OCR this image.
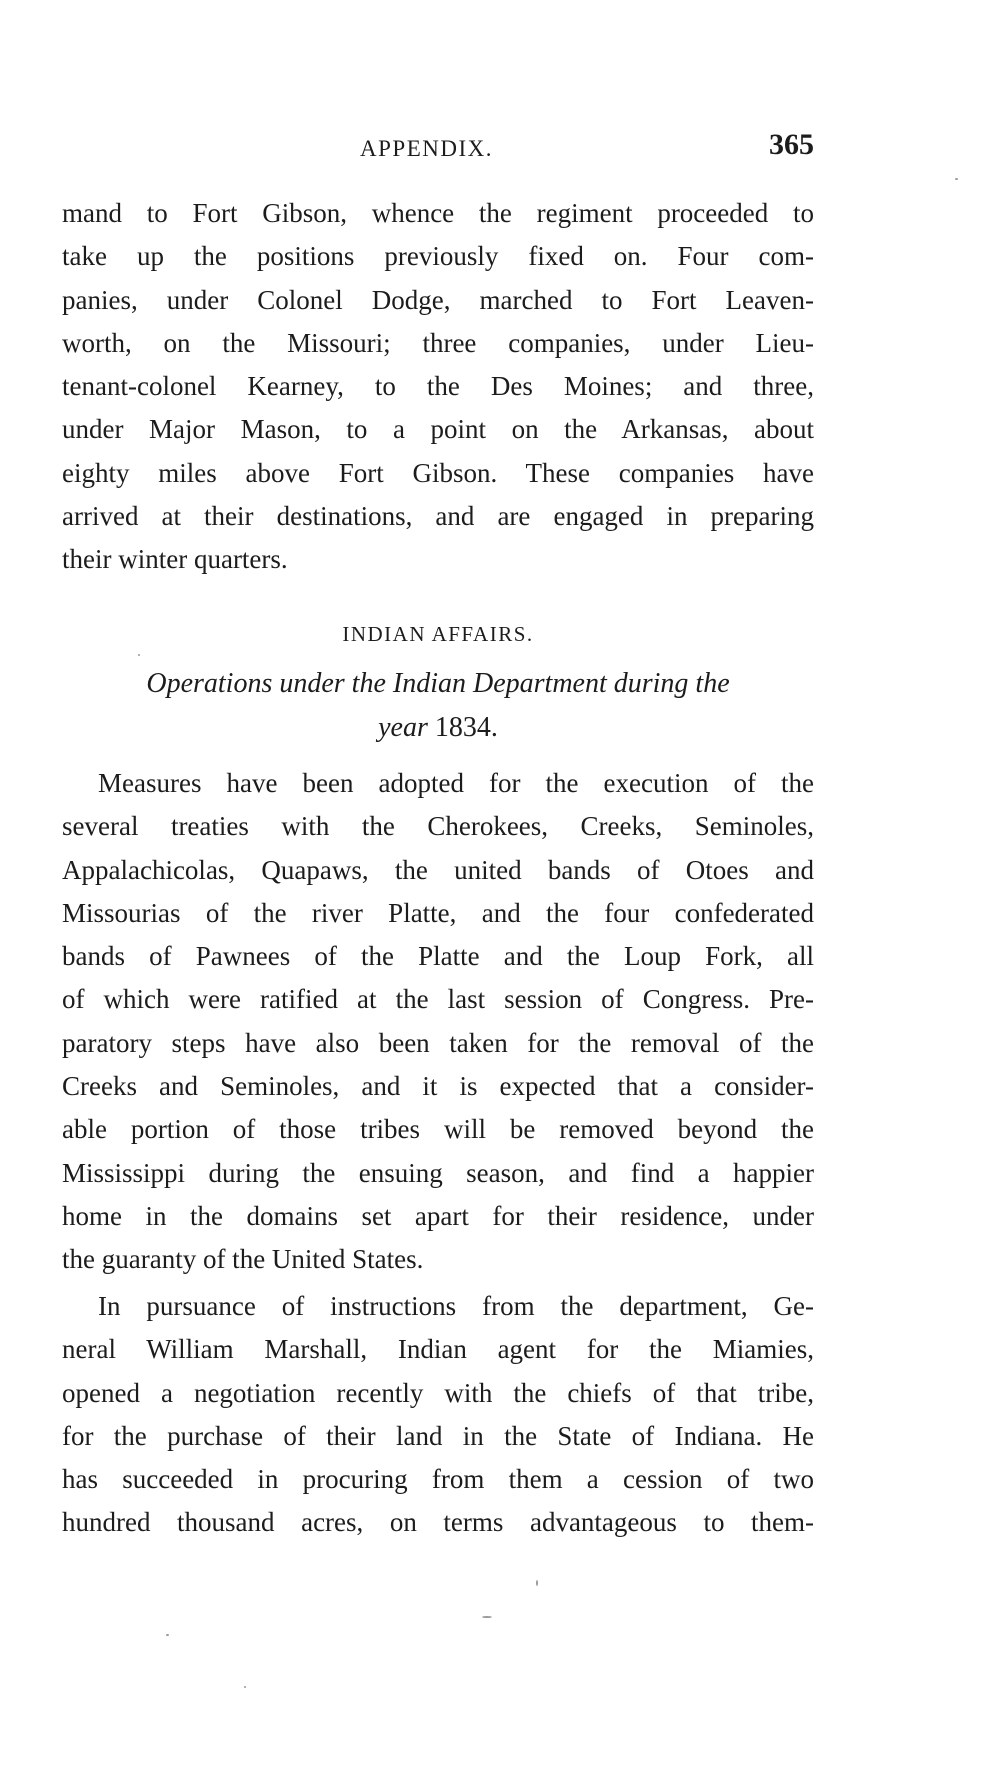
APPENDIX.	365
mand to Fort Gibson, whence the regiment proceeded to
take up the positions previously fixed on. Four com-
panies, under Colonel Dodge, marched to Fort Leaven-
worth, on the Missouri; three companies, under Lieu-
tenant-colonel Kearney, to the Des Moines; and three,
under Major Mason, to a point on the Arkansas, about
eighty miles above Fort Gibson. These companies have
arrived at their destinations, and are engaged in preparing
their winter quarters.
INDIAN AFFAIRS.
Operations under the Indian Department during the
year 1834.
Measures have been adopted for the execution of the
several treaties with the Cherokees, Creeks, Seminoles,
Appalachicolas, Quapaws, the united bands of Otoes and
Missourias of the river Platte, and the four confederated
bands of Pawnees of the Platte and the Loup Fork, all
of which were ratified at the last session of Congress. Pre-
paratory steps have also been taken for the removal of the
Creeks and Seminoles, and it is expected that a consider-
able portion of those tribes will be removed beyond the
Mississippi during the ensuing season, and find a happier
home in the domains set apart for their residence, under
the guaranty of the United States.
In pursuance of instructions from the department, Ge-
neral William Marshall, Indian agent for the Miamies,
opened a negotiation recently with the chiefs of that tribe,
for the purchase of their land in the State of Indiana. He
has succeeded in procuring from them a cession of two
hundred thousand acres, on terms advantageous to them-
